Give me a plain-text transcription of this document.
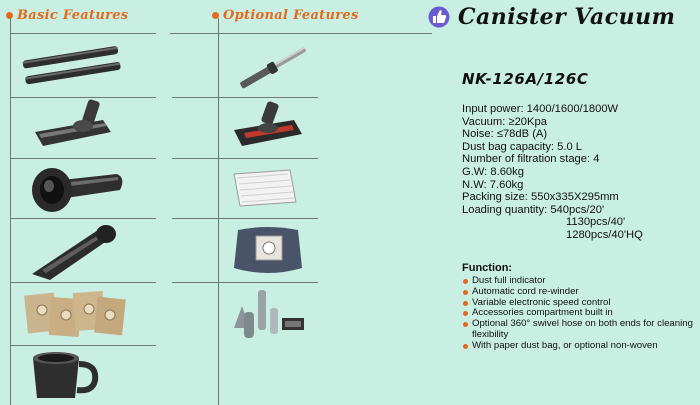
Basic Features	Optional Features	Canister Vacuum
NK-126A/126C
Input power: 1400/1600/1800W
Vacuum: ≥20Kpa
Noise: ≤78dB (A)
Dust bag capacity: 5.0 L
Number of filtration stage: 4
G.W: 8.60kg
N.W: 7.60kg
Packing size: 550x335X295mm
Loading quantity: 540pcs/20'
1130pcs/40'
1280pcs/40'HQ
Function:
Dust full indicator
Automatic cord re-winder
Variable electronic speed control
Accessories compartment built in
Optional 360° swivel hose on both ends for cleaning flexibility
With paper dust bag, or optional non-woven
